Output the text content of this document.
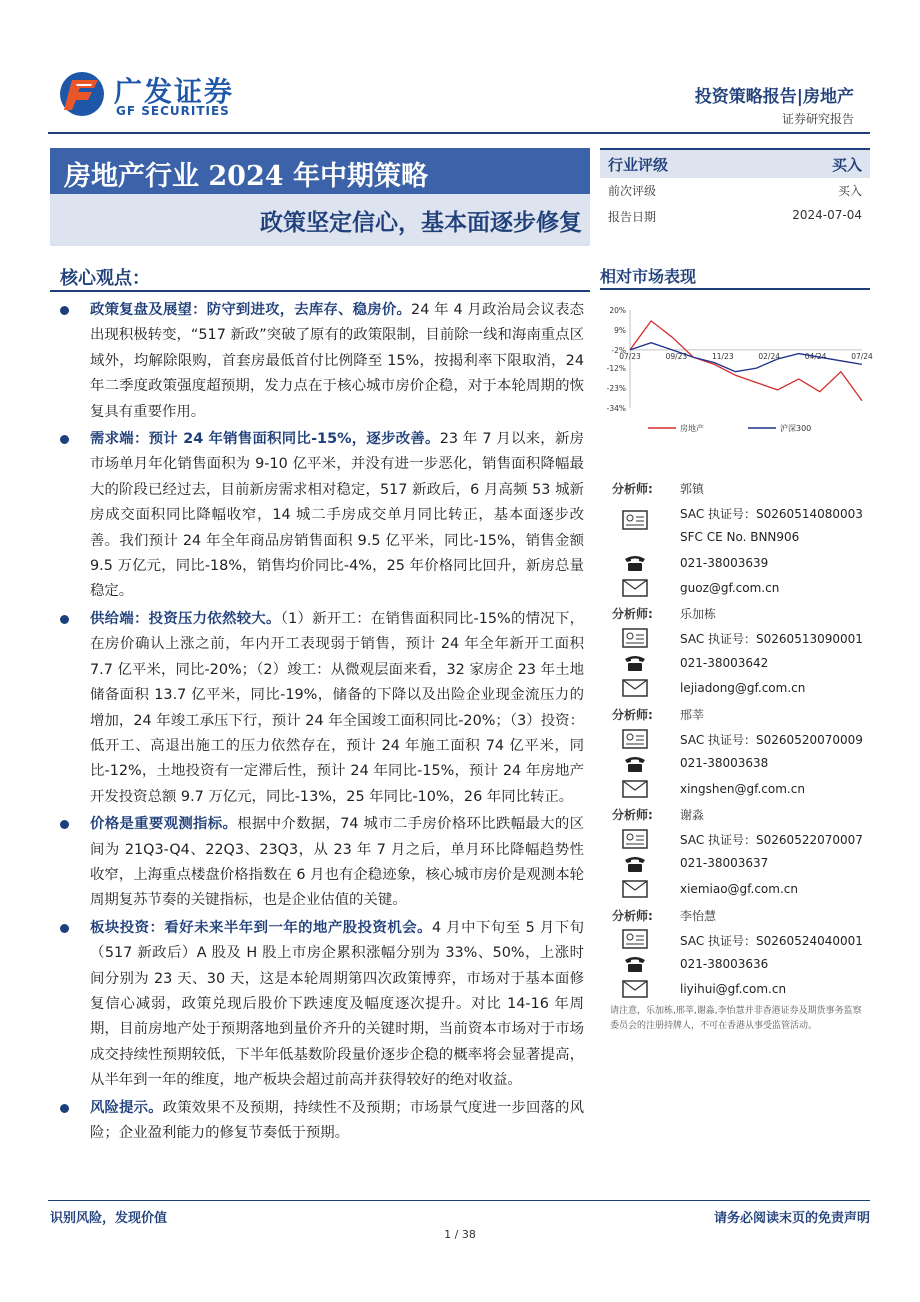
广发证券
GF SECURITIES
投资策略报告|房地产
证券研究报告
房地产行业 2024 年中期策略
政策坚定信心，基本面逐步修复
行业评级	买入
前次评级	买入
报告日期	2024-07-04
核心观点：
政策复盘及展望：防守到进攻，去库存、稳房价。24 年 4 月政治局会议表态出现积极转变，“517 新政”突破了原有的政策限制，目前除一线和海南重点区域外，均解除限购，首套房最低首付比例降至 15%，按揭利率下限取消，24 年二季度政策强度超预期，发力点在于核心城市房价企稳，对于本轮周期的恢复具有重要作用。
需求端：预计 24 年销售面积同比-15%，逐步改善。23 年 7 月以来，新房市场单月年化销售面积为 9-10 亿平米，并没有进一步恶化，销售面积降幅最大的阶段已经过去，目前新房需求相对稳定，517 新政后，6 月高频 53 城新房成交面积同比降幅收窄，14 城二手房成交单月同比转正，基本面逐步改善。我们预计 24 年全年商品房销售面积 9.5 亿平米，同比-15%，销售金额 9.5 万亿元，同比-18%，销售均价同比-4%，25 年价格同比回升，新房总量稳定。
供给端：投资压力依然较大。（1）新开工：在销售面积同比-15%的情况下，在房价确认上涨之前，年内开工表现弱于销售，预计 24 年全年新开工面积 7.7 亿平米，同比-20%；（2）竣工：从微观层面来看，32 家房企 23 年土地储备面积 13.7 亿平米，同比-19%，储备的下降以及出险企业现金流压力的增加，24 年竣工承压下行，预计 24 年全国竣工面积同比-20%；（3）投资：低开工、高退出施工的压力依然存在，预计 24 年施工面积 74 亿平米，同比-12%，土地投资有一定滞后性，预计 24 年同比-15%，预计 24 年房地产开发投资总额 9.7 万亿元，同比-13%，25 年同比-10%，26 年同比转正。
价格是重要观测指标。根据中介数据，74 城市二手房价格环比跌幅最大的区间为 21Q3-Q4、22Q3、23Q3，从 23 年 7 月之后，单月环比降幅趋势性收窄，上海重点楼盘价格指数在 6 月也有企稳迹象，核心城市房价是观测本轮周期复苏节奏的关键指标，也是企业估值的关键。
板块投资：看好未来半年到一年的地产股投资机会。4 月中下旬至 5 月下旬（517 新政后）A 股及 H 股上市房企累积涨幅分别为 33%、50%，上涨时间分别为 23 天、30 天，这是本轮周期第四次政策博弈，市场对于基本面修复信心减弱，政策兑现后股价下跌速度及幅度逐次提升。对比 14-16 年周期，目前房地产处于预期落地到量价齐升的关键时期，当前资本市场对于市场成交持续性预期较低，下半年低基数阶段量价逐步企稳的概率将会显著提高，从半年到一年的维度，地产板块会超过前高并获得较好的绝对收益。
风险提示。政策效果不及预期，持续性不及预期；市场景气度进一步回落的风险；企业盈利能力的修复节奏低于预期。
相对市场表现
20%
9%
-2%
-12%
-23%
-34%
07/23	09/23	11/23	02/24	04/24	07/24
房地产	沪深300
分析师: 郭镇
SAC 执证号：S0260514080003
SFC CE No. BNN906
021-38003639
guoz@gf.com.cn
分析师: 乐加栋
SAC 执证号：S0260513090001
021-38003642
lejiadong@gf.com.cn
分析师: 邢莘
SAC 执证号：S0260520070009
021-38003638
xingshen@gf.com.cn
分析师: 谢淼
SAC 执证号：S0260522070007
021-38003637
xiemiao@gf.com.cn
分析师: 李怡慧
SAC 执证号：S0260524040001
021-38003636
liyihui@gf.com.cn
请注意，乐加栋,邢莘,谢淼,李怡慧并非香港证券及期货事务监察委员会的注册持牌人，不可在香港从事受监管活动。
识别风险，发现价值	请务必阅读末页的免责声明
1 / 38
